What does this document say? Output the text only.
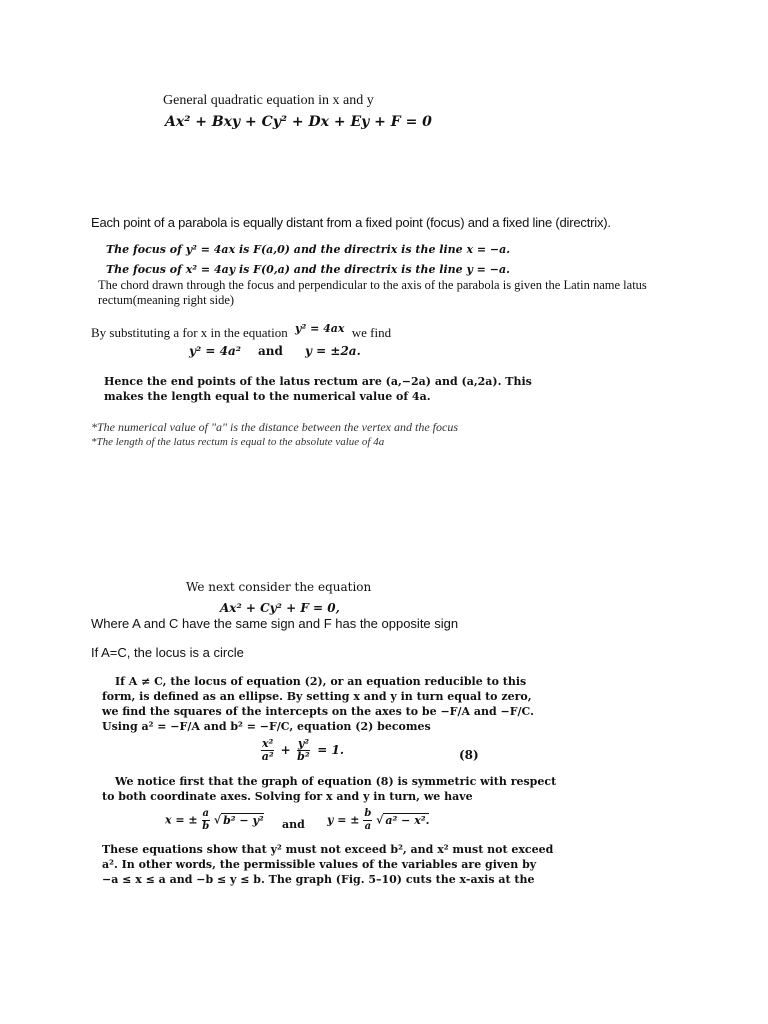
General quadratic equation in x and y
Ax² + Bxy + Cy² + Dx + Ey + F = 0
Each point of a parabola is equally distant from a fixed point (focus) and a fixed line (directrix).
The focus of y² = 4ax is F(a,0) and the directrix is the line x = −a.
The focus of x² = 4ay is F(0,a) and the directrix is the line y = −a.
The chord drawn through the focus and perpendicular to the axis of the parabola is given the Latin name latus
rectum(meaning right side)
By substituting a for x in the equation $^{y^2 = 4ax}$ we find
y² = 4a² and y = ±2a.
Hence the end points of the latus rectum are (a,−2a) and (a,2a). This
makes the length equal to the numerical value of 4a.
*The numerical value of "a" is the distance between the vertex and the focus
*The length of the latus rectum is equal to the absolute value of 4a
We next consider the equation
Ax² + Cy² + F = 0,
Where A and C have the same sign and F has the opposite sign
If A=C, the locus is a circle
If A ≠ C, the locus of equation (2), or an equation reducible to this
form, is defined as an ellipse. By setting x and y in turn equal to zero,
we find the squares of the intercepts on the axes to be −F/A and −F/C.
Using a² = −F/A and b² = −F/C, equation (2) becomes
$\frac{\text{x²}}{\text{a²}} + \frac{\text{y²}}{\text{b²}} = 1$.	(8)
We notice first that the graph of equation (8) is symmetric with respect
to both coordinate axes. Solving for x and y in turn, we have
x = ± $\frac{a}{b}$ √ b² − y² and y = ± $\frac{b}{a}$ √ a² − x².
These equations show that y² must not exceed b², and x² must not exceed
a². In other words, the permissible values of the variables are given by
−a ≤ x ≤ a and −b ≤ y ≤ b. The graph (Fig. 5–10) cuts the x-axis at the
